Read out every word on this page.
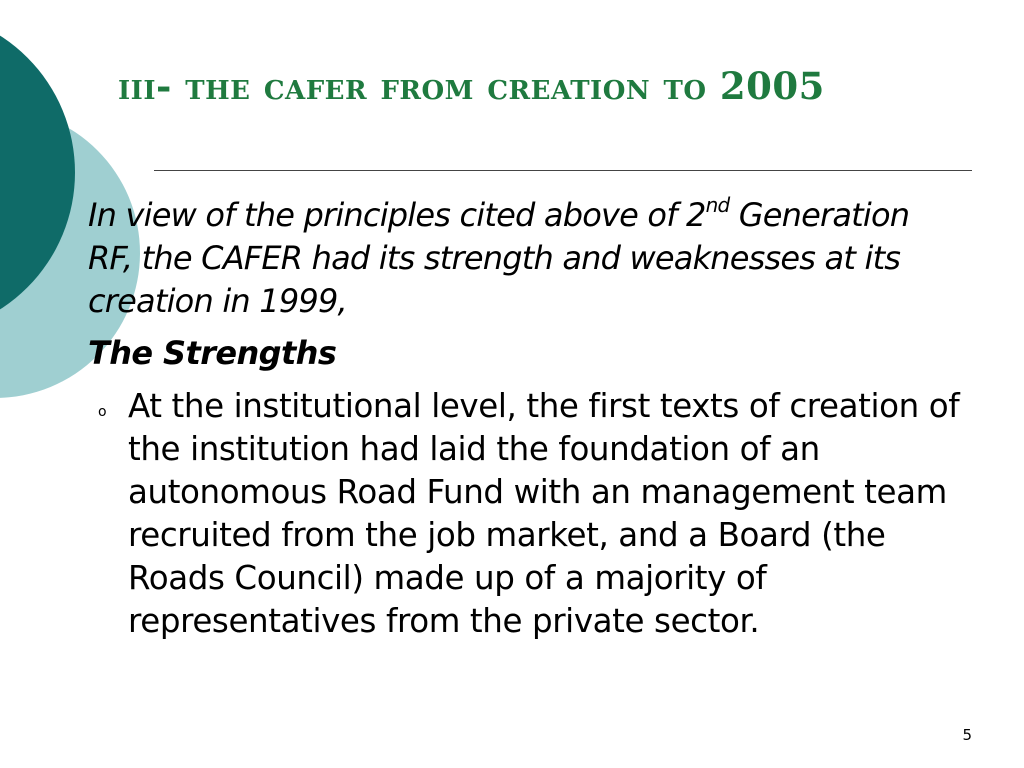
iii- the cafer from creation to 2005
In view of the principles cited above of 2nd Generation RF, the CAFER had its strength and weaknesses at its creation in 1999,
The Strengths
o At the institutional level, the first texts of creation of the institution had laid the foundation of an autonomous Road Fund with an management team recruited from the job market, and a Board (the Roads Council) made up of a majority of representatives from the private sector.
5
